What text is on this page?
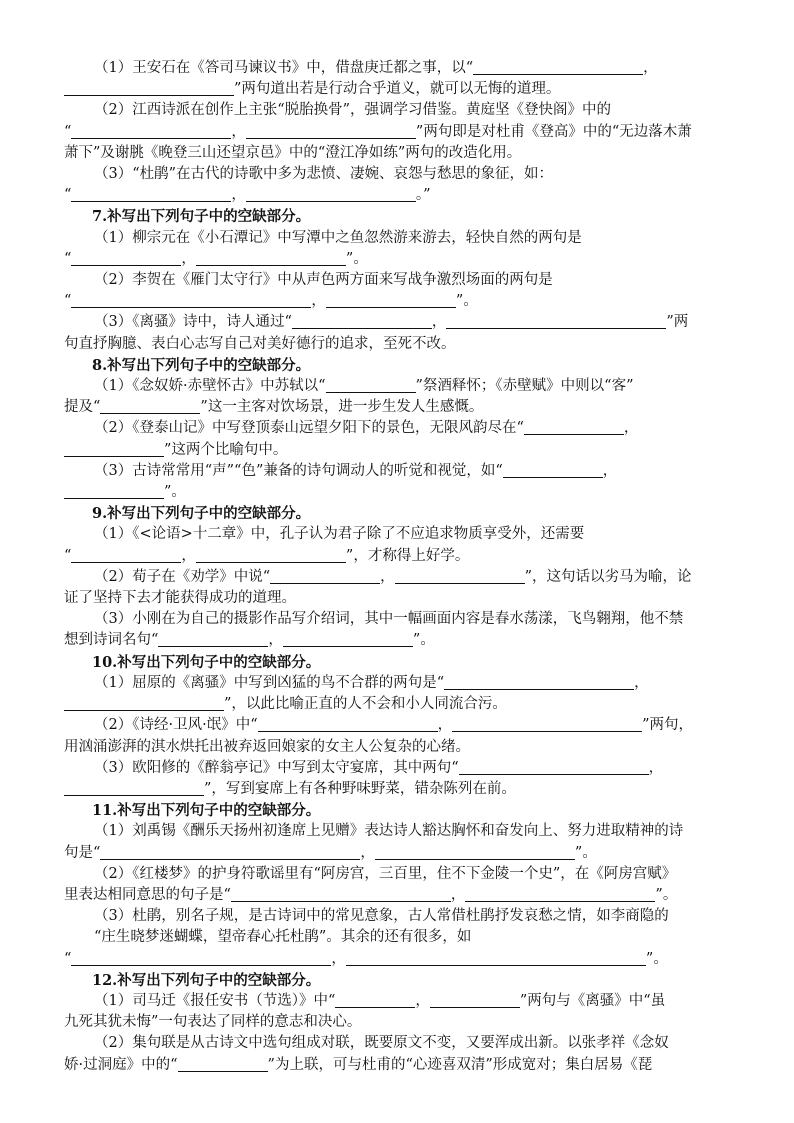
（1）王安石在《答司马谏议书》中，借盘庚迁都之事，以“	，
”两句道出若是行动合乎道义，就可以无悔的道理。
（2）江西诗派在创作上主张“脱胎换骨”，强调学习借鉴。黄庭坚《登快阁》中的
“	，	”两句即是对杜甫《登高》中的“无边落木萧
萧下”及谢朓《晚登三山还望京邑》中的“澄江净如练”两句的改造化用。
（3）“杜鹃”在古代的诗歌中多为悲愤、凄婉、哀怨与愁思的象征，如：
“	，	。”
7.补写出下列句子中的空缺部分。
（1）柳宗元在《小石潭记》中写潭中之鱼忽然游来游去，轻快自然的两句是
“	，	”。
（2）李贺在《雁门太守行》中从声色两方面来写战争激烈场面的两句是
“	，	”。
（3）《离骚》诗中，诗人通过“	，	”两
句直抒胸臆、表白心志写自己对美好德行的追求，至死不改。
8.补写出下列句子中的空缺部分。
（1）《念奴娇·赤壁怀古》中苏轼以“	”祭酒释怀；《赤壁赋》中则以“客”
提及“	”这一主客对饮场景，进一步生发人生感慨。
（2）《登泰山记》中写登顶泰山远望夕阳下的景色，无限风韵尽在“	，
”这两个比喻句中。
（3）古诗常常用“声”“色”兼备的诗句调动人的听觉和视觉，如“	，
”。
9.补写出下列句子中的空缺部分。
（1）《<论语>十二章》中，孔子认为君子除了不应追求物质享受外，还需要
“	，	”，才称得上好学。
（2）荀子在《劝学》中说“	，	”，这句话以劣马为喻，论
证了坚持下去才能获得成功的道理。
（3）小刚在为自己的摄影作品写介绍词，其中一幅画面内容是春水荡漾，飞鸟翱翔，他不禁
想到诗词名句“	，	”。
10.补写出下列句子中的空缺部分。
（1）屈原的《离骚》中写到凶猛的鸟不合群的两句是“	，
”，以此比喻正直的人不会和小人同流合污。
（2）《诗经·卫风·氓》中“	，	”两句，
用汹涌澎湃的淇水烘托出被弃返回娘家的女主人公复杂的心绪。
（3）欧阳修的《醉翁亭记》中写到太守宴席，其中两句“	，
”，写到宴席上有各种野味野菜，错杂陈列在前。
11.补写出下列句子中的空缺部分。
（1）刘禹锡《酬乐天扬州初逢席上见赠》表达诗人豁达胸怀和奋发向上、努力进取精神的诗
句是“	，	”。
（2）《红楼梦》的护身符歌谣里有“阿房宫，三百里，住不下金陵一个史”，在《阿房宫赋》
里表达相同意思的句子是“	，	”。
（3）杜鹃，别名子规，是古诗词中的常见意象，古人常借杜鹃抒发哀愁之情，如李商隐的
“庄生晓梦迷蝴蝶，望帝春心托杜鹃”。其余的还有很多，如
“	，	”。
12.补写出下列句子中的空缺部分。
（1）司马迁《报任安书（节选）》中“	，	”两句与《离骚》中“虽
九死其犹未悔”一句表达了同样的意志和决心。
（2）集句联是从古诗文中选句组成对联，既要原文不变，又要浑成出新。以张孝祥《念奴
娇·过洞庭》中的“	”为上联，可与杜甫的“心迹喜双清”形成宽对；集白居易《琵
